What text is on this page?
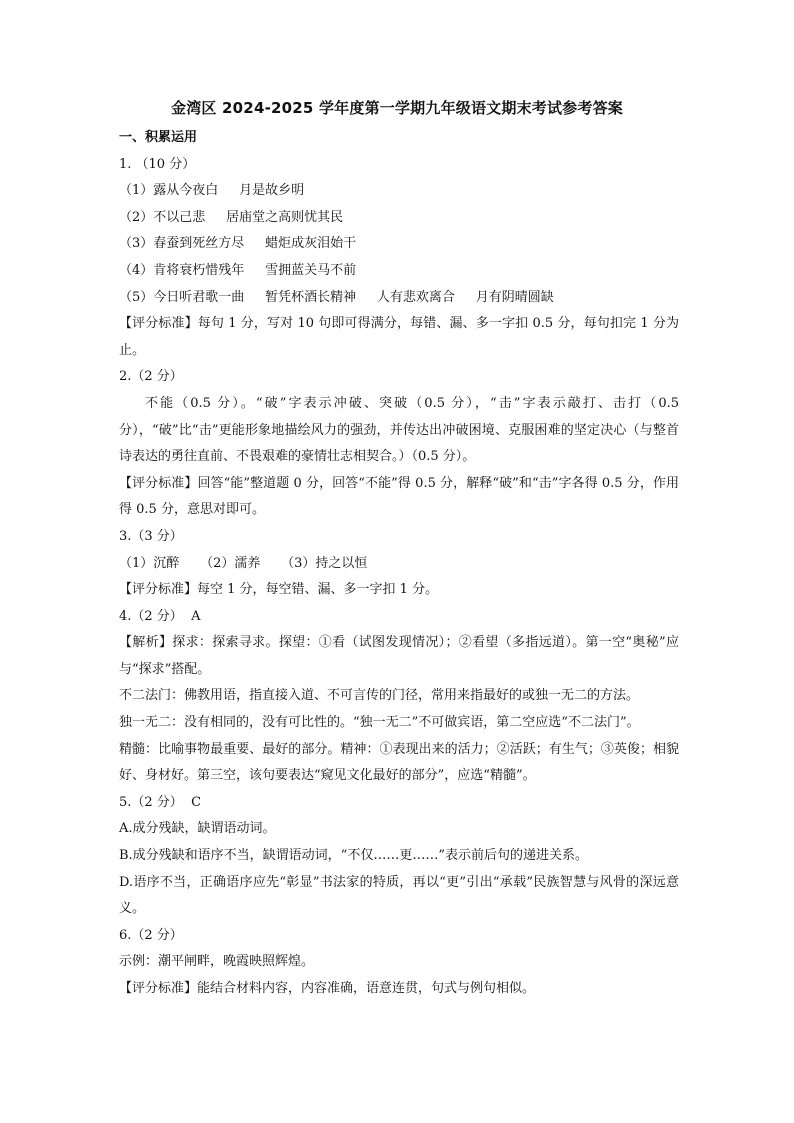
金湾区 2024-2025 学年度第一学期九年级语文期末考试参考答案
一、积累运用
1. （10 分）
（1）露从今夜白 月是故乡明
（2）不以己悲 居庙堂之高则忧其民
（3）春蚕到死丝方尽 蜡炬成灰泪始干
（4）肯将衰朽惜残年 雪拥蓝关马不前
（5）今日听君歌一曲 暂凭杯酒长精神 人有悲欢离合 月有阴晴圆缺
【评分标准】每句 1 分，写对 10 句即可得满分，每错、漏、多一字扣 0.5 分，每句扣完 1 分为止。
2.（2 分）
不能（0.5 分）。“破”字表示冲破、突破（0.5 分），“击”字表示敲打、击打（0.5 分），“破”比“击”更能形象地描绘风力的强劲，并传达出冲破困境、克服困难的坚定决心（与整首诗表达的勇往直前、不畏艰难的豪情壮志相契合。）（0.5 分）。
【评分标准】回答“能”整道题 0 分，回答“不能”得 0.5 分，解释“破”和“击”字各得 0.5 分，作用得 0.5 分，意思对即可。
3.（3 分）
（1）沉醉 （2）濡养 （3）持之以恒
【评分标准】每空 1 分，每空错、漏、多一字扣 1 分。
4.（2 分） A
【解析】探求：探索寻求。探望：①看（试图发现情况）；②看望（多指远道）。第一空“奥秘”应与“探求”搭配。
不二法门：佛教用语，指直接入道、不可言传的门径，常用来指最好的或独一无二的方法。
独一无二：没有相同的，没有可比性的。“独一无二”不可做宾语，第二空应选“不二法门”。
精髓：比喻事物最重要、最好的部分。精神：①表现出来的活力；②活跃；有生气；③英俊；相貌好、身材好。第三空，该句要表达“窥见文化最好的部分”，应选“精髓”。
5.（2 分） C
A.成分残缺，缺谓语动词。
B.成分残缺和语序不当，缺谓语动词，“不仅……更……”表示前后句的递进关系。
D.语序不当，正确语序应先“彰显”书法家的特质，再以“更”引出“承载”民族智慧与风骨的深远意义。
6.（2 分）
示例：潮平闸畔，晚霞映照辉煌。
【评分标准】能结合材料内容，内容准确，语意连贯，句式与例句相似。
